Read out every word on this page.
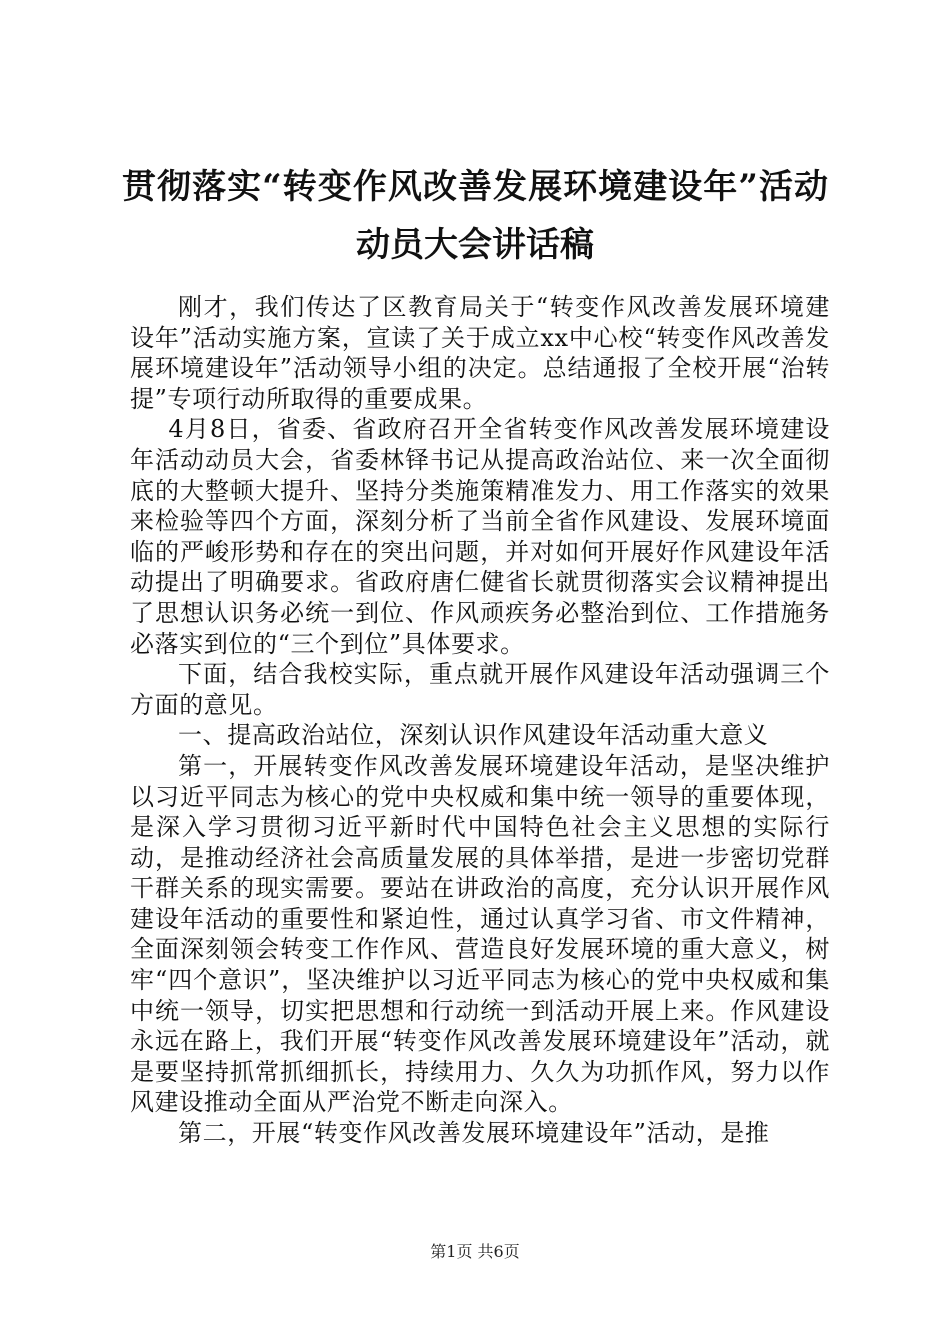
贯彻落实“转变作风改善发展环境建设年”活动动员大会讲话稿

刚才，我们传达了区教育局关于“转变作风改善发展环境建设年”活动实施方案，宣读了关于成立xx中心校“转变作风改善发展环境建设年”活动领导小组的决定。总结通报了全校开展“治转提”专项行动所取得的重要成果。

4月8日，省委、省政府召开全省转变作风改善发展环境建设年活动动员大会，省委林铎书记从提高政治站位、来一次全面彻底的大整顿大提升、坚持分类施策精准发力、用工作落实的效果来检验等四个方面，深刻分析了当前全省作风建设、发展环境面临的严峻形势和存在的突出问题，并对如何开展好作风建设年活动提出了明确要求。省政府唐仁健省长就贯彻落实会议精神提出了思想认识务必统一到位、作风顽疾务必整治到位、工作措施务必落实到位的“三个到位”具体要求。

下面，结合我校实际，重点就开展作风建设年活动强调三个方面的意见。

一、提高政治站位，深刻认识作风建设年活动重大意义

第一，开展转变作风改善发展环境建设年活动，是坚决维护以习近平同志为核心的党中央权威和集中统一领导的重要体现，是深入学习贯彻习近平新时代中国特色社会主义思想的实际行动，是推动经济社会高质量发展的具体举措，是进一步密切党群干群关系的现实需要。要站在讲政治的高度，充分认识开展作风建设年活动的重要性和紧迫性，通过认真学习省、市文件精神，全面深刻领会转变工作作风、营造良好发展环境的重大意义，树牢“四个意识”，坚决维护以习近平同志为核心的党中央权威和集中统一领导，切实把思想和行动统一到活动开展上来。作风建设永远在路上，我们开展“转变作风改善发展环境建设年”活动，就是要坚持抓常抓细抓长，持续用力、久久为功抓作风，努力以作风建设推动全面从严治党不断走向深入。

第二，开展“转变作风改善发展环境建设年”活动，是推

第1页 共6页
